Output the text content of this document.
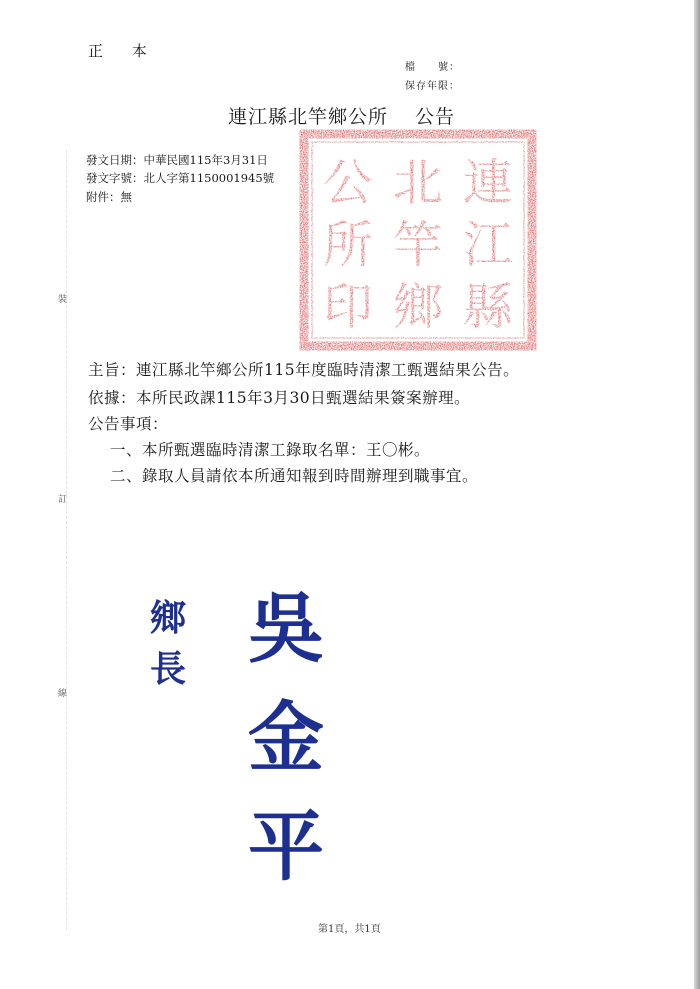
正 本
檔　　號：
保存年限：
連江縣北竿鄉公所　 公告
發文日期：中華民國115年3月31日
發文字號：北人字第1150001945號
附件：無	連
江
縣
北
竿
鄉
公
所
印
主旨：連江縣北竿鄉公所115年度臨時清潔工甄選結果公告。
依據：本所民政課115年3月30日甄選結果簽案辦理。
公告事項：
一、本所甄選臨時清潔工錄取名單：王〇彬。
二、錄取人員請依本所通知報到時間辦理到職事宜。
裝
訂
線
鄉長 吳金平
第1頁，共1頁
